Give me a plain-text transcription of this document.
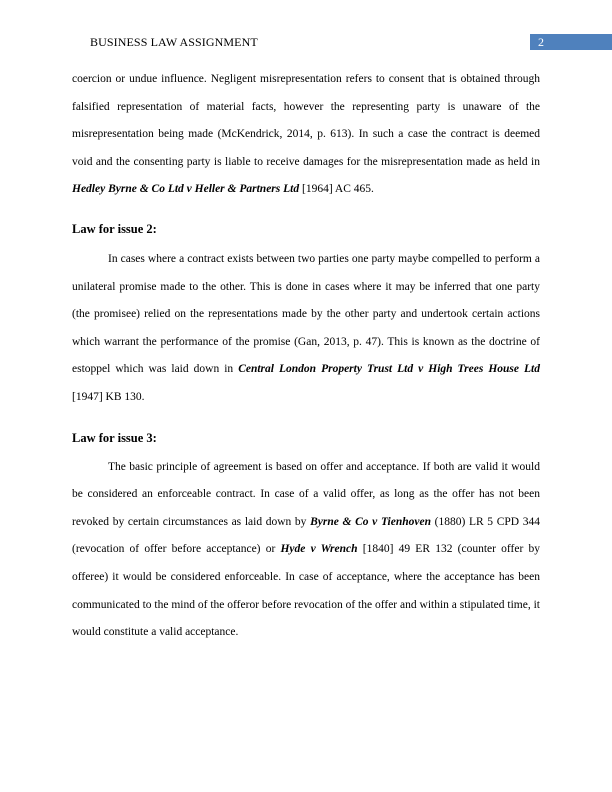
BUSINESS LAW ASSIGNMENT	2

coercion or undue influence. Negligent misrepresentation refers to consent that is obtained through falsified representation of material facts, however the representing party is unaware of the misrepresentation being made (McKendrick, 2014, p. 613). In such a case the contract is deemed void and the consenting party is liable to receive damages for the misrepresentation made as held in Hedley Byrne & Co Ltd v Heller & Partners Ltd [1964] AC 465.

Law for issue 2:

In cases where a contract exists between two parties one party maybe compelled to perform a unilateral promise made to the other. This is done in cases where it may be inferred that one party (the promisee) relied on the representations made by the other party and undertook certain actions which warrant the performance of the promise (Gan, 2013, p. 47). This is known as the doctrine of estoppel which was laid down in Central London Property Trust Ltd v High Trees House Ltd [1947] KB 130.

Law for issue 3:

The basic principle of agreement is based on offer and acceptance. If both are valid it would be considered an enforceable contract. In case of a valid offer, as long as the offer has not been revoked by certain circumstances as laid down by Byrne & Co v Tienhoven (1880) LR 5 CPD 344 (revocation of offer before acceptance) or Hyde v Wrench [1840] 49 ER 132 (counter offer by offeree) it would be considered enforceable. In case of acceptance, where the acceptance has been communicated to the mind of the offeror before revocation of the offer and within a stipulated time, it would constitute a valid acceptance.
